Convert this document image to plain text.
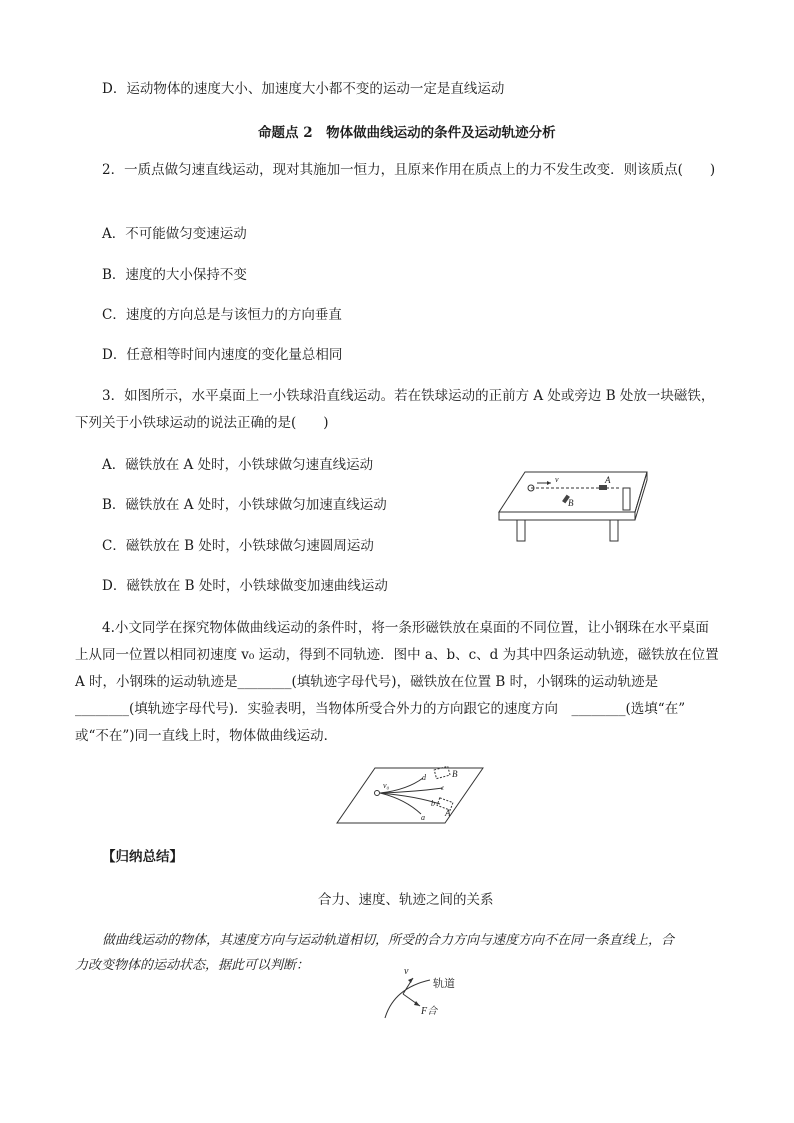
D．运动物体的速度大小、加速度大小都不变的运动一定是直线运动
命题点 2　物体做曲线运动的条件及运动轨迹分析
2．一质点做匀速直线运动，现对其施加一恒力，且原来作用在质点上的力不发生改变．则该质点(　　)
A．不可能做匀变速运动
B．速度的大小保持不变
C．速度的方向总是与该恒力的方向垂直
D．任意相等时间内速度的变化量总相同
3．如图所示，水平桌面上一小铁球沿直线运动。若在铁球运动的正前方 A 处或旁边 B 处放一块磁铁，
下列关于小铁球运动的说法正确的是(　　)
A．磁铁放在 A 处时，小铁球做匀速直线运动
B．磁铁放在 A 处时，小铁球做匀加速直线运动
C．磁铁放在 B 处时，小铁球做匀速圆周运动
D．磁铁放在 B 处时，小铁球做变加速曲线运动
v	A
B
4.小文同学在探究物体做曲线运动的条件时，将一条形磁铁放在桌面的不同位置，让小钢珠在水平桌面
上从同一位置以相同初速度 v₀ 运动，得到不同轨迹．图中 a、b、c、d 为其中四条运动轨迹，磁铁放在位置
A 时，小钢珠的运动轨迹是________(填轨迹字母代号)，磁铁放在位置 B 时，小钢珠的运动轨迹是
________(填轨迹字母代号)．实验表明，当物体所受合外力的方向跟它的速度方向　________(选填“在”
或“不在”)同一直线上时，物体做曲线运动．
v₀
d
c
b
a
B
A
【归纳总结】
合力、速度、轨迹之间的关系
做曲线运动的物体，其速度方向与运动轨道相切，所受的合力方向与速度方向不在同一条直线上，合
力改变物体的运动状态，据此可以判断：	v
轨道
F合
